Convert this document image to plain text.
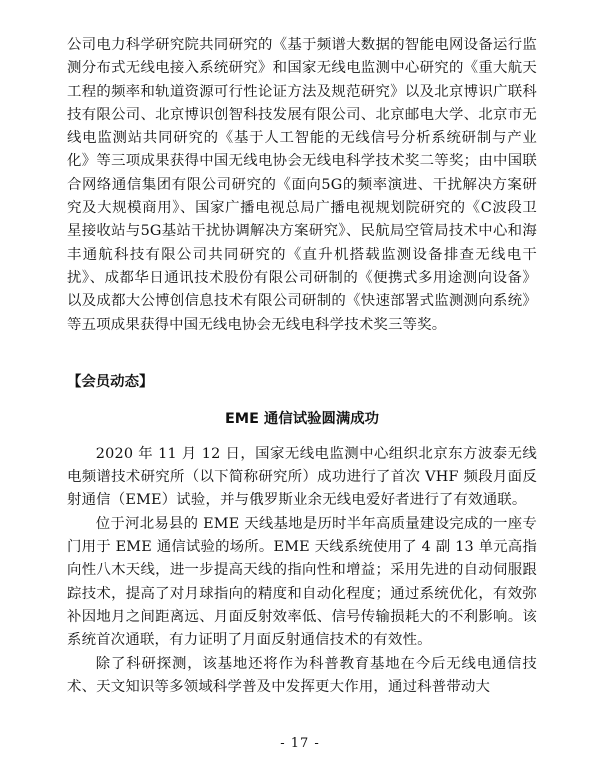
公司电力科学研究院共同研究的《基于频谱大数据的智能电网设备运行监测分布式无线电接入系统研究》和国家无线电监测中心研究的《重大航天工程的频率和轨道资源可行性论证方法及规范研究》以及北京博识广联科技有限公司、北京博识创智科技发展有限公司、北京邮电大学、北京市无线电监测站共同研究的《基于人工智能的无线信号分析系统研制与产业化》等三项成果获得中国无线电协会无线电科学技术奖二等奖；由中国联合网络通信集团有限公司研究的《面向5G的频率演进、干扰解决方案研究及大规模商用》、国家广播电视总局广播电视规划院研究的《C波段卫星接收站与5G基站干扰协调解决方案研究》、民航局空管局技术中心和海丰通航科技有限公司共同研究的《直升机搭载监测设备排查无线电干扰》、成都华日通讯技术股份有限公司研制的《便携式多用途测向设备》以及成都大公博创信息技术有限公司研制的《快速部署式监测测向系统》等五项成果获得中国无线电协会无线电科学技术奖三等奖。

【会员动态】
EME 通信试验圆满成功

2020 年 11 月 12 日，国家无线电监测中心组织北京东方波泰无线电频谱技术研究所（以下简称研究所）成功进行了首次 VHF 频段月面反射通信（EME）试验，并与俄罗斯业余无线电爱好者进行了有效通联。

位于河北易县的 EME 天线基地是历时半年高质量建设完成的一座专门用于 EME 通信试验的场所。EME 天线系统使用了 4 副 13 单元高指向性八木天线，进一步提高天线的指向性和增益；采用先进的自动伺服跟踪技术，提高了对月球指向的精度和自动化程度；通过系统优化，有效弥补因地月之间距离远、月面反射效率低、信号传输损耗大的不利影响。该系统首次通联，有力证明了月面反射通信技术的有效性。

除了科研探测，该基地还将作为科普教育基地在今后无线电通信技术、天文知识等多领域科学普及中发挥更大作用，通过科普带动大

- 17 -
